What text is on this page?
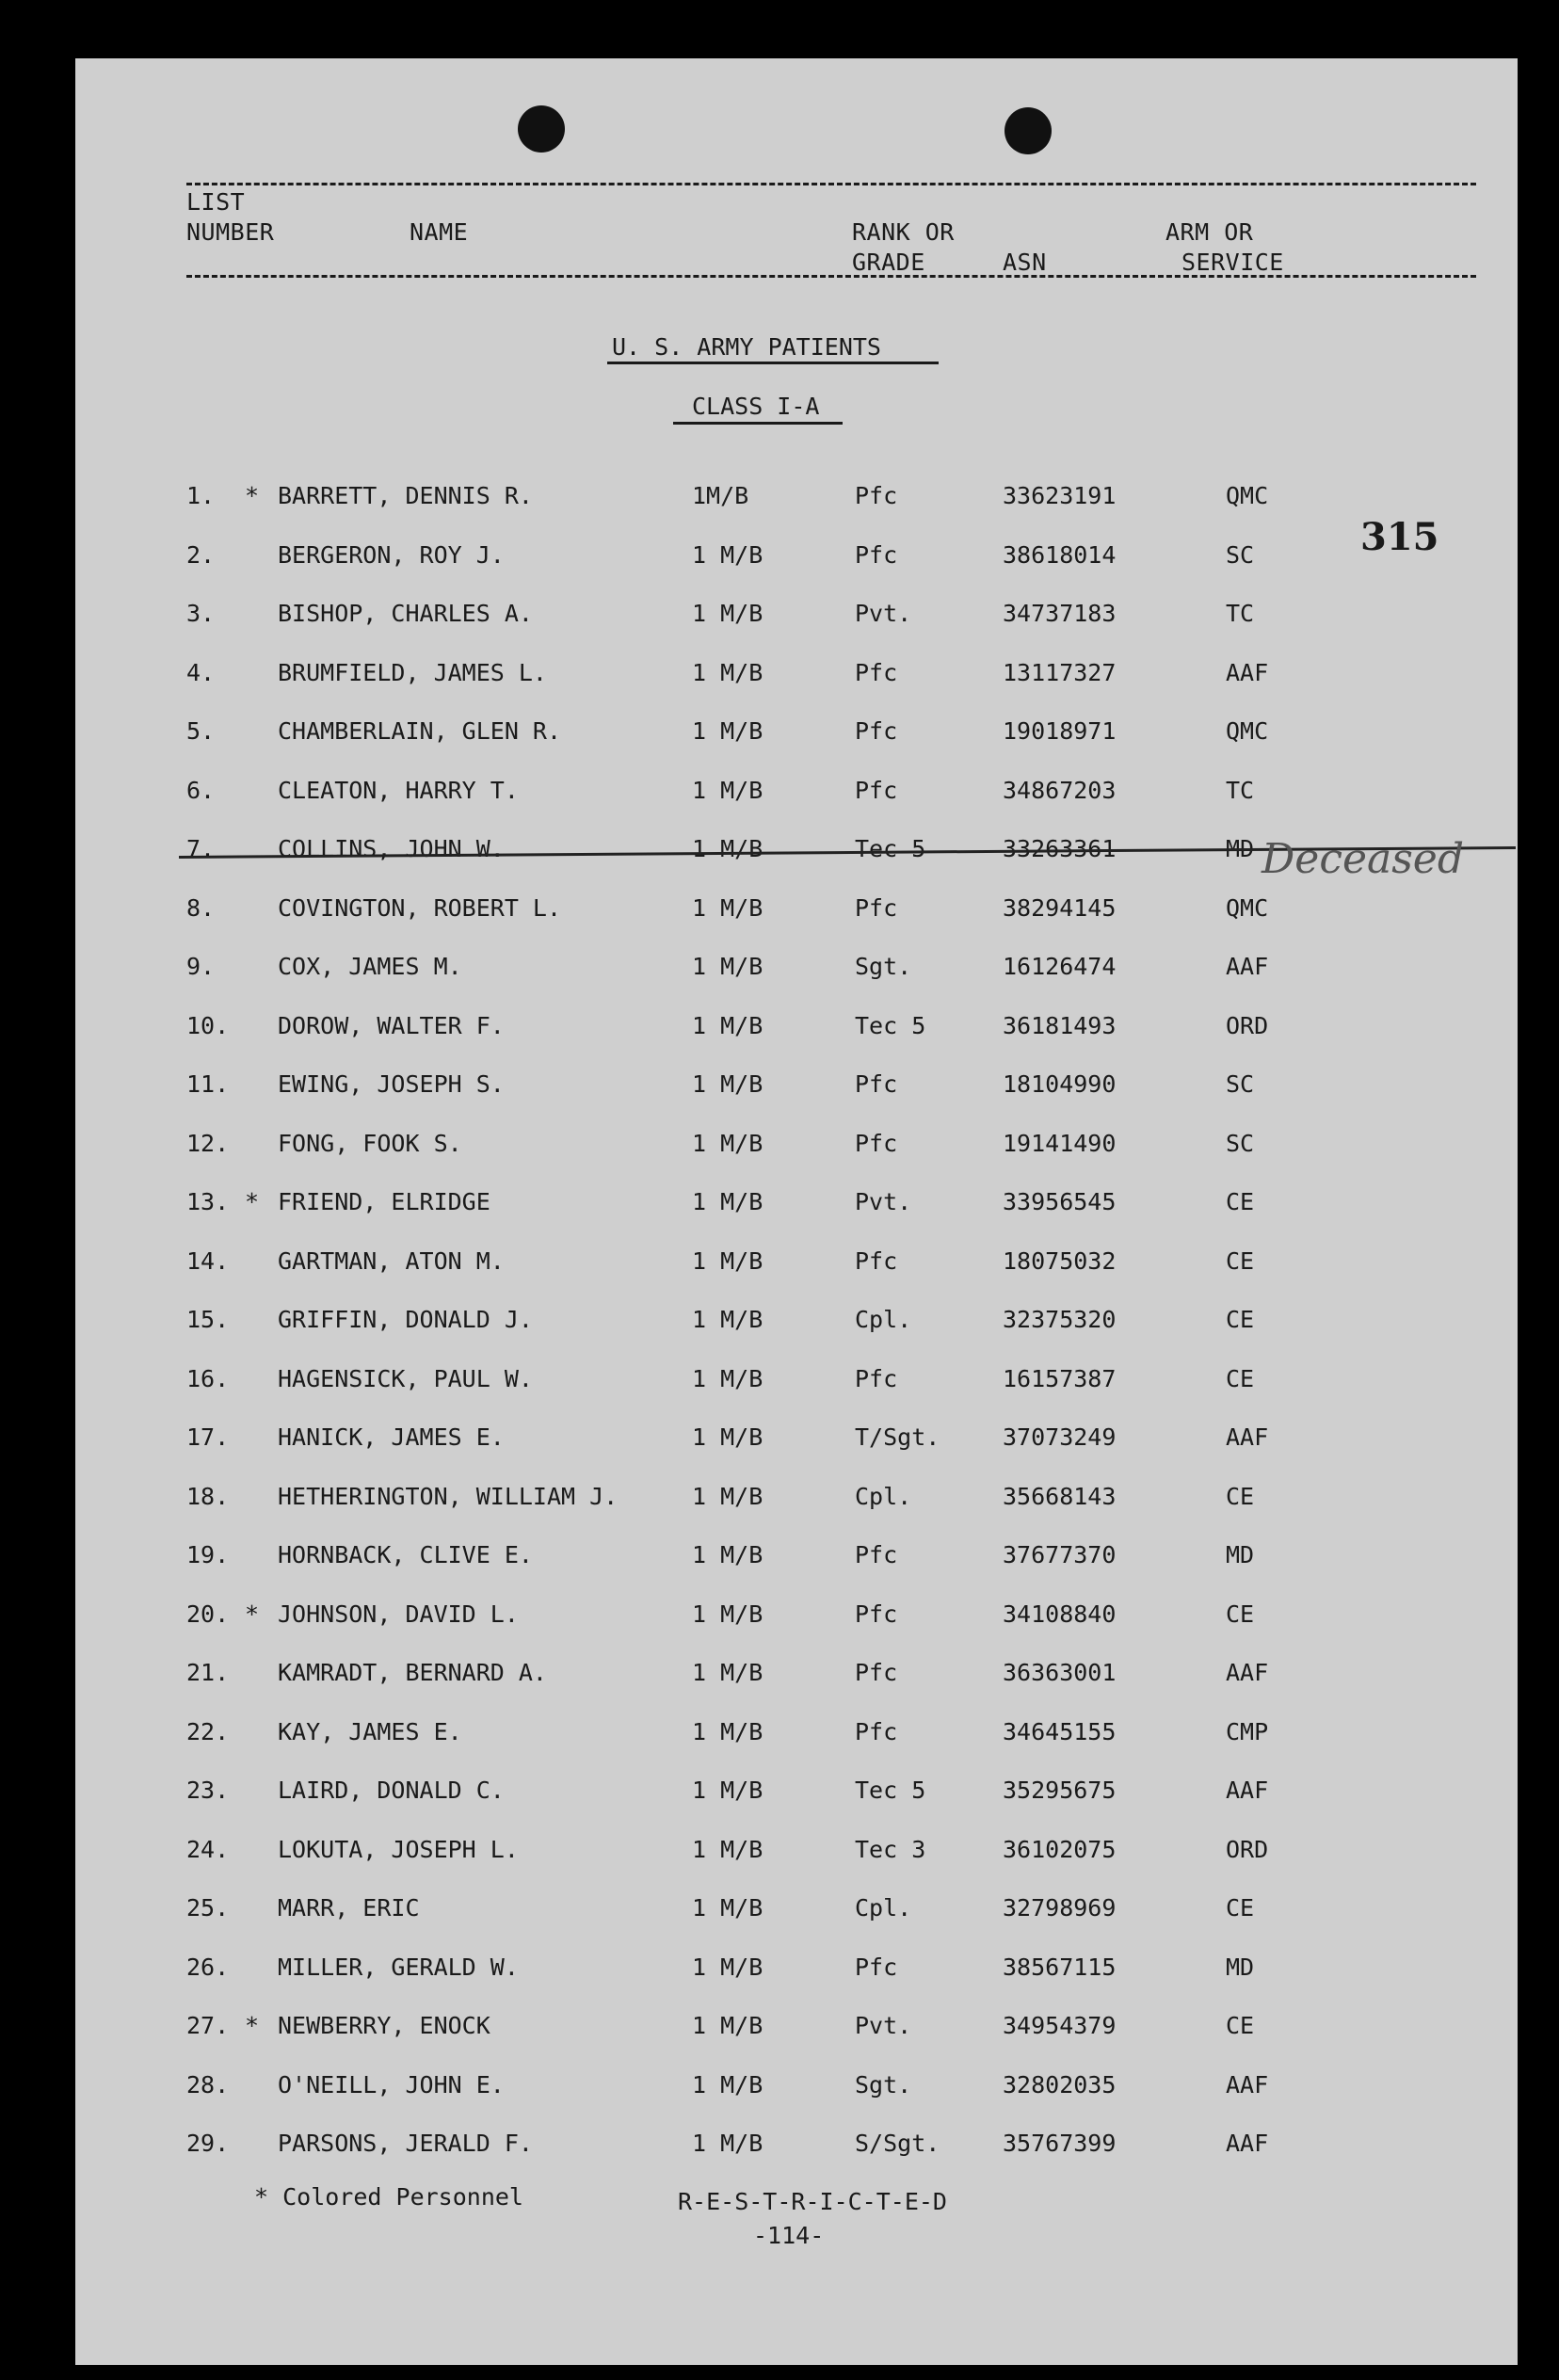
LIST
NUMBER	NAME	RANK OR
GRADE	ASN
ARM OR
SERVICE
U. S. ARMY PATIENTS
CLASS I-A
315
1. * BARRETT, DENNIS R.	1M/B	Pfc	33623191	QMC
2.	BERGERON, ROY J.	1 M/B	Pfc	38618014	SC
3.	BISHOP, CHARLES A.	1 M/B	Pvt.	34737183	TC
4.	BRUMFIELD, JAMES L.	1 M/B	Pfc	13117327	AAF
5.	CHAMBERLAIN, GLEN R.	1 M/B	Pfc	19018971	QMC
6.	CLEATON, HARRY T.	1 M/B	Pfc	34867203	TC
7.	COLLINS, JOHN W.	1 M/B	Tec 5	33263361	MD Deceased
8.	COVINGTON, ROBERT L.	1 M/B	Pfc	38294145	QMC
9.	COX, JAMES M.	1 M/B	Sgt.	16126474	AAF
10. DOROW, WALTER F.	1 M/B	Tec 5	36181493	ORD
11. EWING, JOSEPH S.	1 M/B	Pfc	18104990	SC
12. FONG, FOOK S.	1 M/B	Pfc	19141490	SC
13. * FRIEND, ELRIDGE	1 M/B	Pvt.	33956545	CE
14. GARTMAN, ATON M.	1 M/B	Pfc	18075032	CE
15. GRIFFIN, DONALD J.	1 M/B	Cpl.	32375320	CE
16. HAGENSICK, PAUL W.	1 M/B	Pfc	16157387	CE
17. HANICK, JAMES E.	1 M/B	T/Sgt.	37073249	AAF
18. HETHERINGTON, WILLIAM J.	1 M/B	Cpl.	35668143	CE
19. HORNBACK, CLIVE E.	1 M/B	Pfc	37677370	MD
20. * JOHNSON, DAVID L.	1 M/B	Pfc	34108840	CE
21. KAMRADT, BERNARD A.	1 M/B	Pfc	36363001	AAF
22. KAY, JAMES E.	1 M/B	Pfc	34645155	CMP
23. LAIRD, DONALD C.	1 M/B	Tec 5	35295675	AAF
24. LOKUTA, JOSEPH L.	1 M/B	Tec 3	36102075	ORD
25. MARR, ERIC	1 M/B	Cpl.	32798969	CE
26. MILLER, GERALD W.	1 M/B	Pfc	38567115	MD
27. * NEWBERRY, ENOCK	1 M/B	Pvt.	34954379	CE
28. O'NEILL, JOHN E.	1 M/B	Sgt.	32802035	AAF
29. PARSONS, JERALD F.	1 M/B	S/Sgt.	35767399	AAF
* Colored Personnel	R-E-S-T-R-I-C-T-E-D
-114-
